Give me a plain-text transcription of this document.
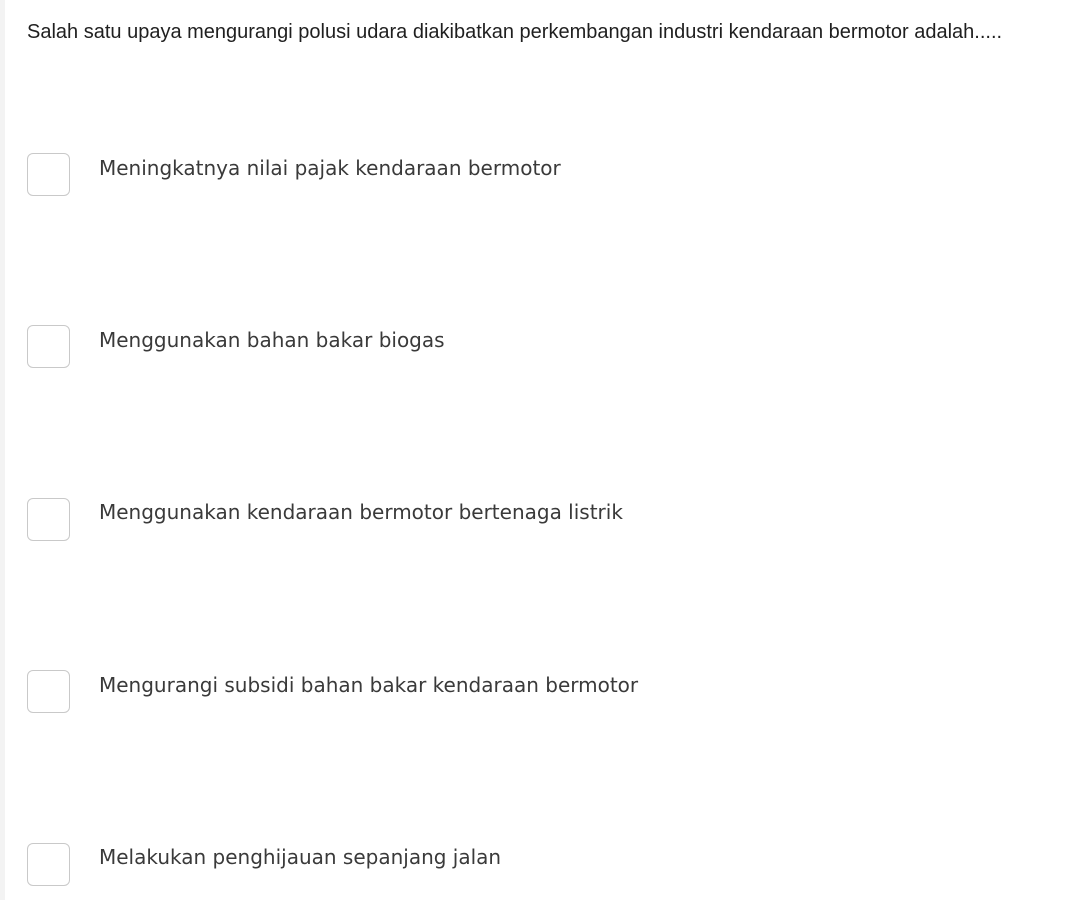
Salah satu upaya mengurangi polusi udara diakibatkan perkembangan industri kendaraan bermotor adalah.....
Meningkatnya nilai pajak kendaraan bermotor
Menggunakan bahan bakar biogas
Menggunakan kendaraan bermotor bertenaga listrik
Mengurangi subsidi bahan bakar kendaraan bermotor
Melakukan penghijauan sepanjang jalan
